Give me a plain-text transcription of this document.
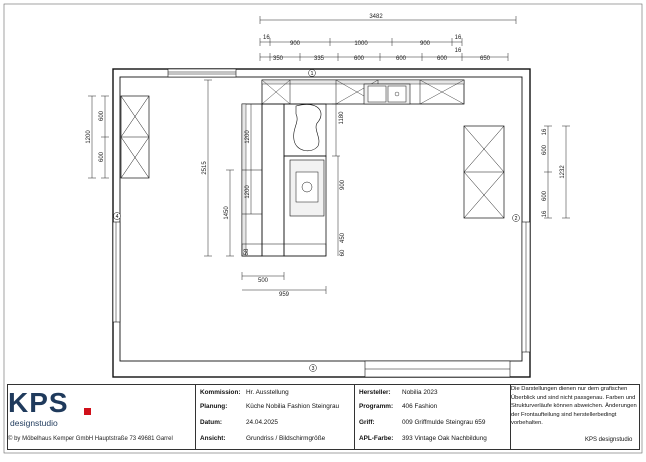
3482
16
900	1000	900
16
16
350	335	600	600	600	650
1200
600
600
2515
1450
1200
1200
58
1180
900
450
60
500
959
600
600
16
16
1232
1
2
3
4
Kommission: Hr. Ausstellung
Planung:	Küche Nobilia Fashion Steingrau
Datum:	24.04.2025
Ansicht:	Grundriss / Bildschirmgröße
Hersteller: Nobilia 2023
Programm: 406 Fashion
Griff:	009 Griffmulde Steingrau 659
APL-Farbe: 393 Vintage Oak Nachbildung
KPS
designstudio
© by Möbelhaus Kemper GmbH Hauptstraße 73 49681 Garrel
Die Darstellungen dienen nur dem grafischen Überblick und sind nicht passgenau. Farben und Strukturverläufe können abweichen. Änderungen der Frontaufteilung sind herstellerbedingt vorbehalten.
KPS designstudio
